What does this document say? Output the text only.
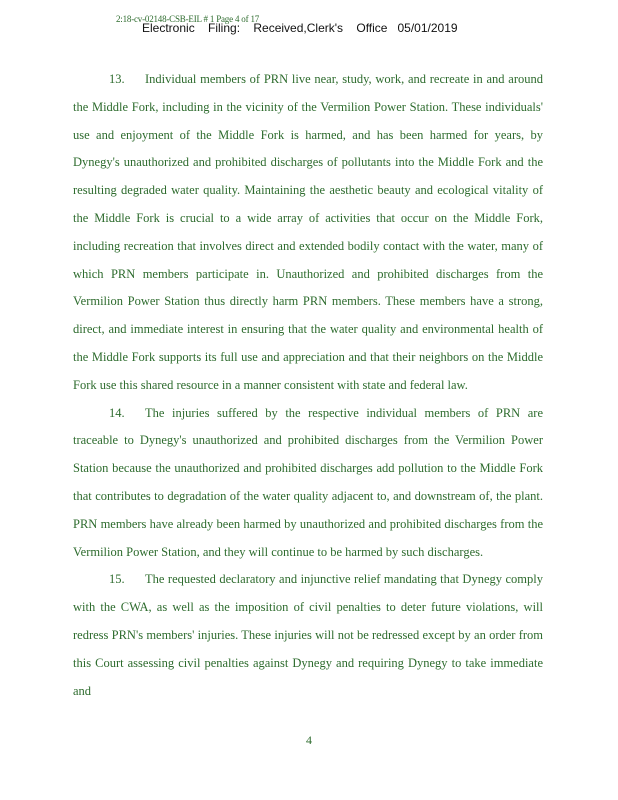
2:18-cv-02148-CSB-EIL # 1 Page 4 of 17
Electronic    Filing:    Received,Clerk's    Office   05/01/2019

13. Individual members of PRN live near, study, work, and recreate in and around the Middle Fork, including in the vicinity of the Vermilion Power Station. These individuals' use and enjoyment of the Middle Fork is harmed, and has been harmed for years, by Dynegy's unauthorized and prohibited discharges of pollutants into the Middle Fork and the resulting degraded water quality. Maintaining the aesthetic beauty and ecological vitality of the Middle Fork is crucial to a wide array of activities that occur on the Middle Fork, including recreation that involves direct and extended bodily contact with the water, many of which PRN members participate in. Unauthorized and prohibited discharges from the Vermilion Power Station thus directly harm PRN members. These members have a strong, direct, and immediate interest in ensuring that the water quality and environmental health of the Middle Fork supports its full use and appreciation and that their neighbors on the Middle Fork use this shared resource in a manner consistent with state and federal law.

14. The injuries suffered by the respective individual members of PRN are traceable to Dynegy's unauthorized and prohibited discharges from the Vermilion Power Station because the unauthorized and prohibited discharges add pollution to the Middle Fork that contributes to degradation of the water quality adjacent to, and downstream of, the plant. PRN members have already been harmed by unauthorized and prohibited discharges from the Vermilion Power Station, and they will continue to be harmed by such discharges.

15. The requested declaratory and injunctive relief mandating that Dynegy comply with the CWA, as well as the imposition of civil penalties to deter future violations, will redress PRN's members' injuries. These injuries will not be redressed except by an order from this Court assessing civil penalties against Dynegy and requiring Dynegy to take immediate and

4
